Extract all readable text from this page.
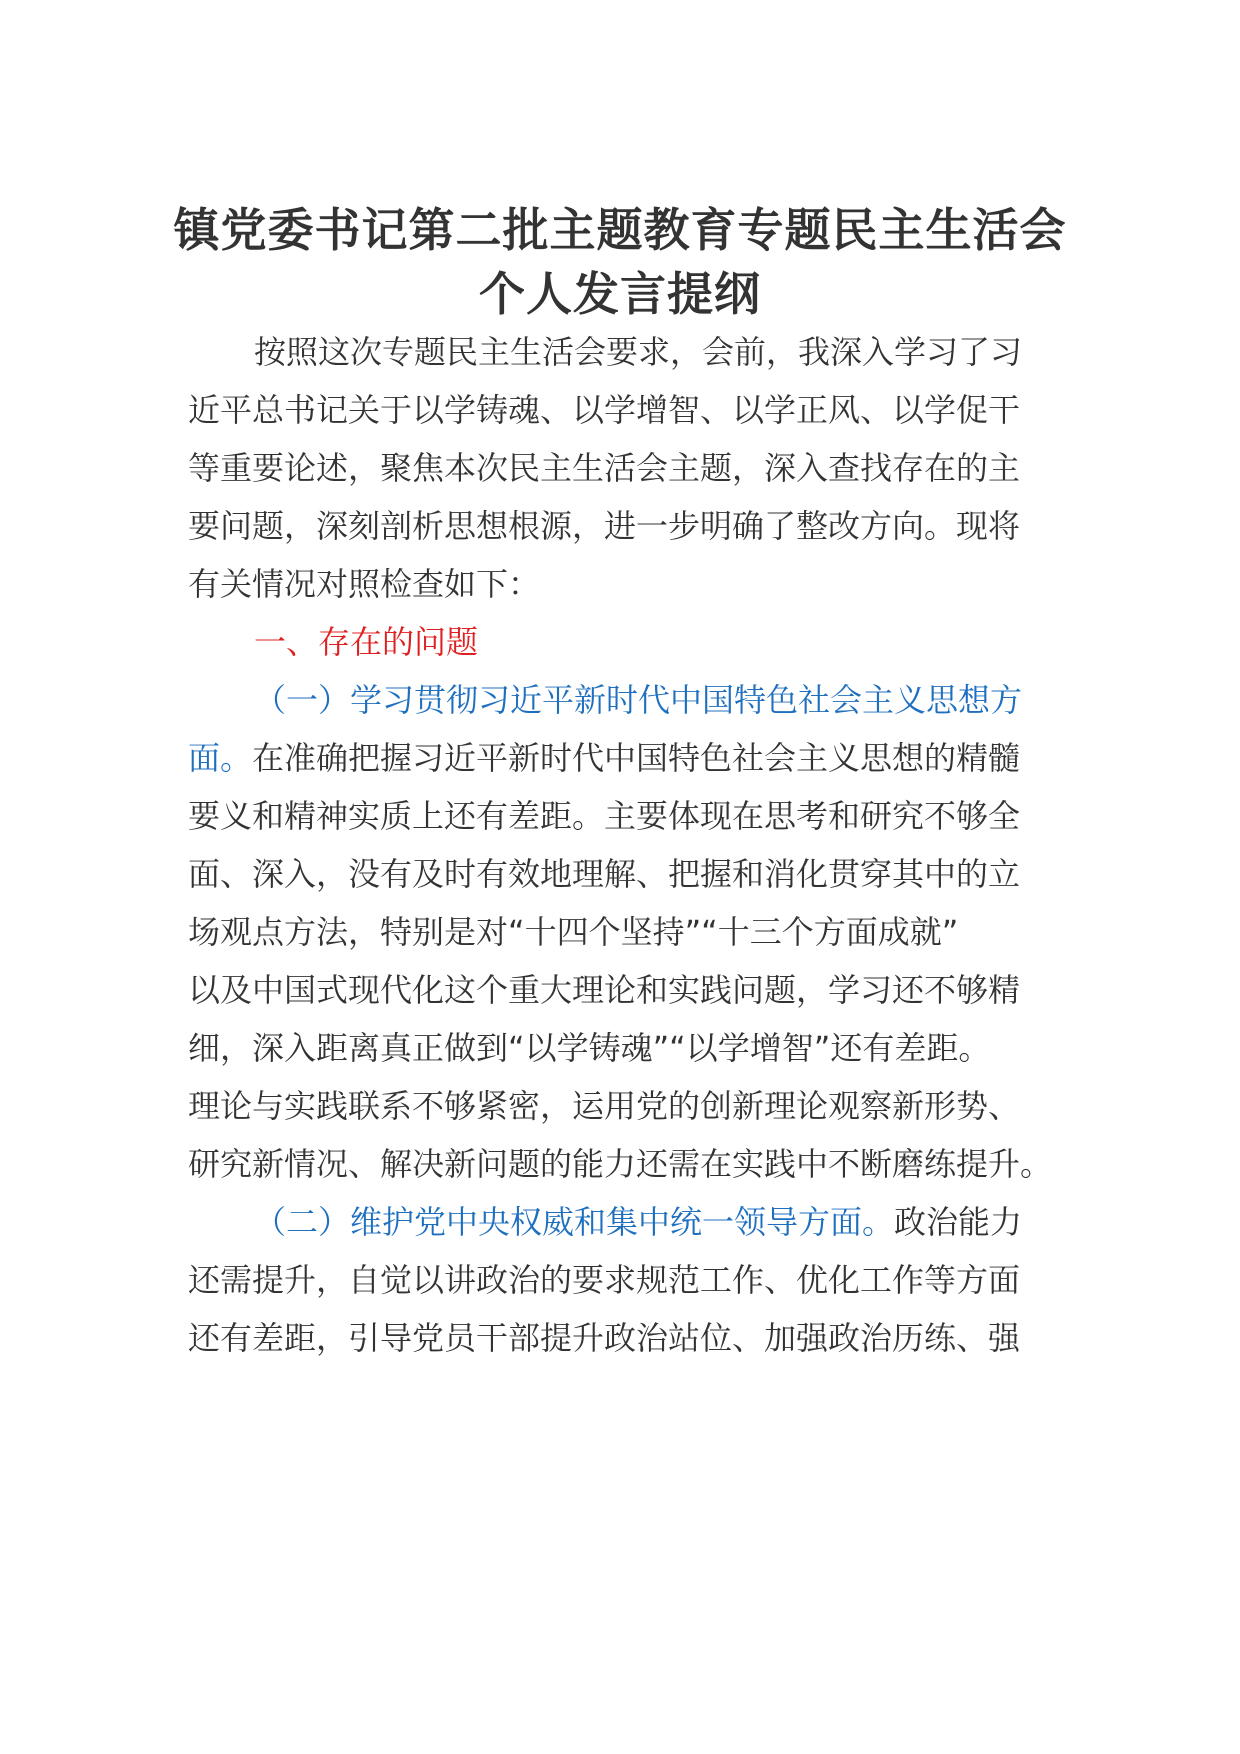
镇党委书记第二批主题教育专题民主生活会
个人发言提纲
按照这次专题民主生活会要求，会前，我深入学习了习
近平总书记关于以学铸魂、以学增智、以学正风、以学促干
等重要论述，聚焦本次民主生活会主题，深入查找存在的主
要问题，深刻剖析思想根源，进一步明确了整改方向。现将
有关情况对照检查如下：
一、存在的问题
（一）学习贯彻习近平新时代中国特色社会主义思想方
面。在准确把握习近平新时代中国特色社会主义思想的精髓
要义和精神实质上还有差距。主要体现在思考和研究不够全
面、深入，没有及时有效地理解、把握和消化贯穿其中的立
场观点方法，特别是对“十四个坚持”“十三个方面成就”
以及中国式现代化这个重大理论和实践问题，学习还不够精
细，深入距离真正做到“以学铸魂”“以学增智”还有差距。
理论与实践联系不够紧密，运用党的创新理论观察新形势、
研究新情况、解决新问题的能力还需在实践中不断磨练提升。
（二）维护党中央权威和集中统一领导方面。政治能力
还需提升，自觉以讲政治的要求规范工作、优化工作等方面
还有差距，引导党员干部提升政治站位、加强政治历练、强
